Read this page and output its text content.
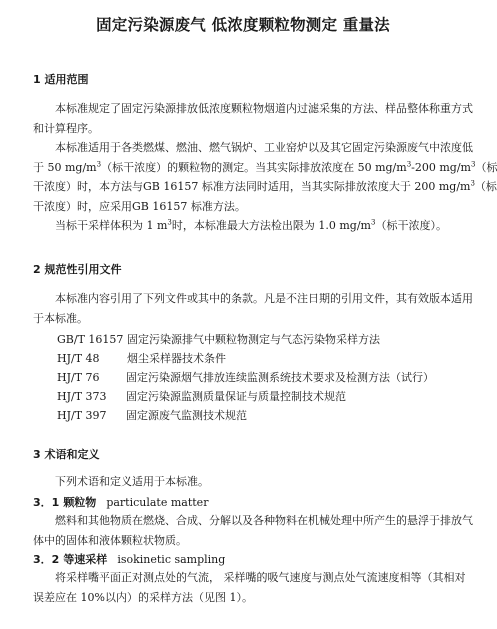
固定污染源废气 低浓度颗粒物测定 重量法
1 适用范围
本标准规定了固定污染源排放低浓度颗粒物烟道内过滤采集的方法、样品整体称重方式
和计算程序。
本标准适用于各类燃煤、燃油、燃气锅炉、工业窑炉以及其它固定污染源废气中浓度低
于 50 $mg/m^3$（标干浓度）的颗粒物的测定。当其实际排放浓度在 50 $mg/m^3-200$ $mg/m^3$（标
干浓度）时，本方法与GB 16157 标准方法同时适用，当其实际排放浓度大于 200 $mg/m^3$（标
干浓度）时，应采用GB 16157 标准方法。
当标干采样体积为 1 $m^3$时，本标准最大方法检出限为 1.0 $mg/m^3$（标干浓度）。
2 规范性引用文件
本标准内容引用了下列文件或其中的条款。凡是不注日期的引用文件，其有效版本适用
于本标准。
GB/T 16157 固定污染源排气中颗粒物测定与气态污染物采样方法
HJ/T 48 烟尘采样器技术条件
HJ/T 76 固定污染源烟气排放连续监测系统技术要求及检测方法（试行）
HJ/T 373 固定污染源监测质量保证与质量控制技术规范
HJ/T 397 固定源废气监测技术规范
3 术语和定义
下列术语和定义适用于本标准。
3．1 颗粒物 particulate matter
燃料和其他物质在燃烧、合成、分解以及各种物料在机械处理中所产生的悬浮于排放气
体中的固体和液体颗粒状物质。
3．2 等速采样 isokinetic sampling
将采样嘴平面正对测点处的气流， 采样嘴的吸气速度与测点处气流速度相等（其相对
误差应在 10%以内）的采样方法（见图 1）。
